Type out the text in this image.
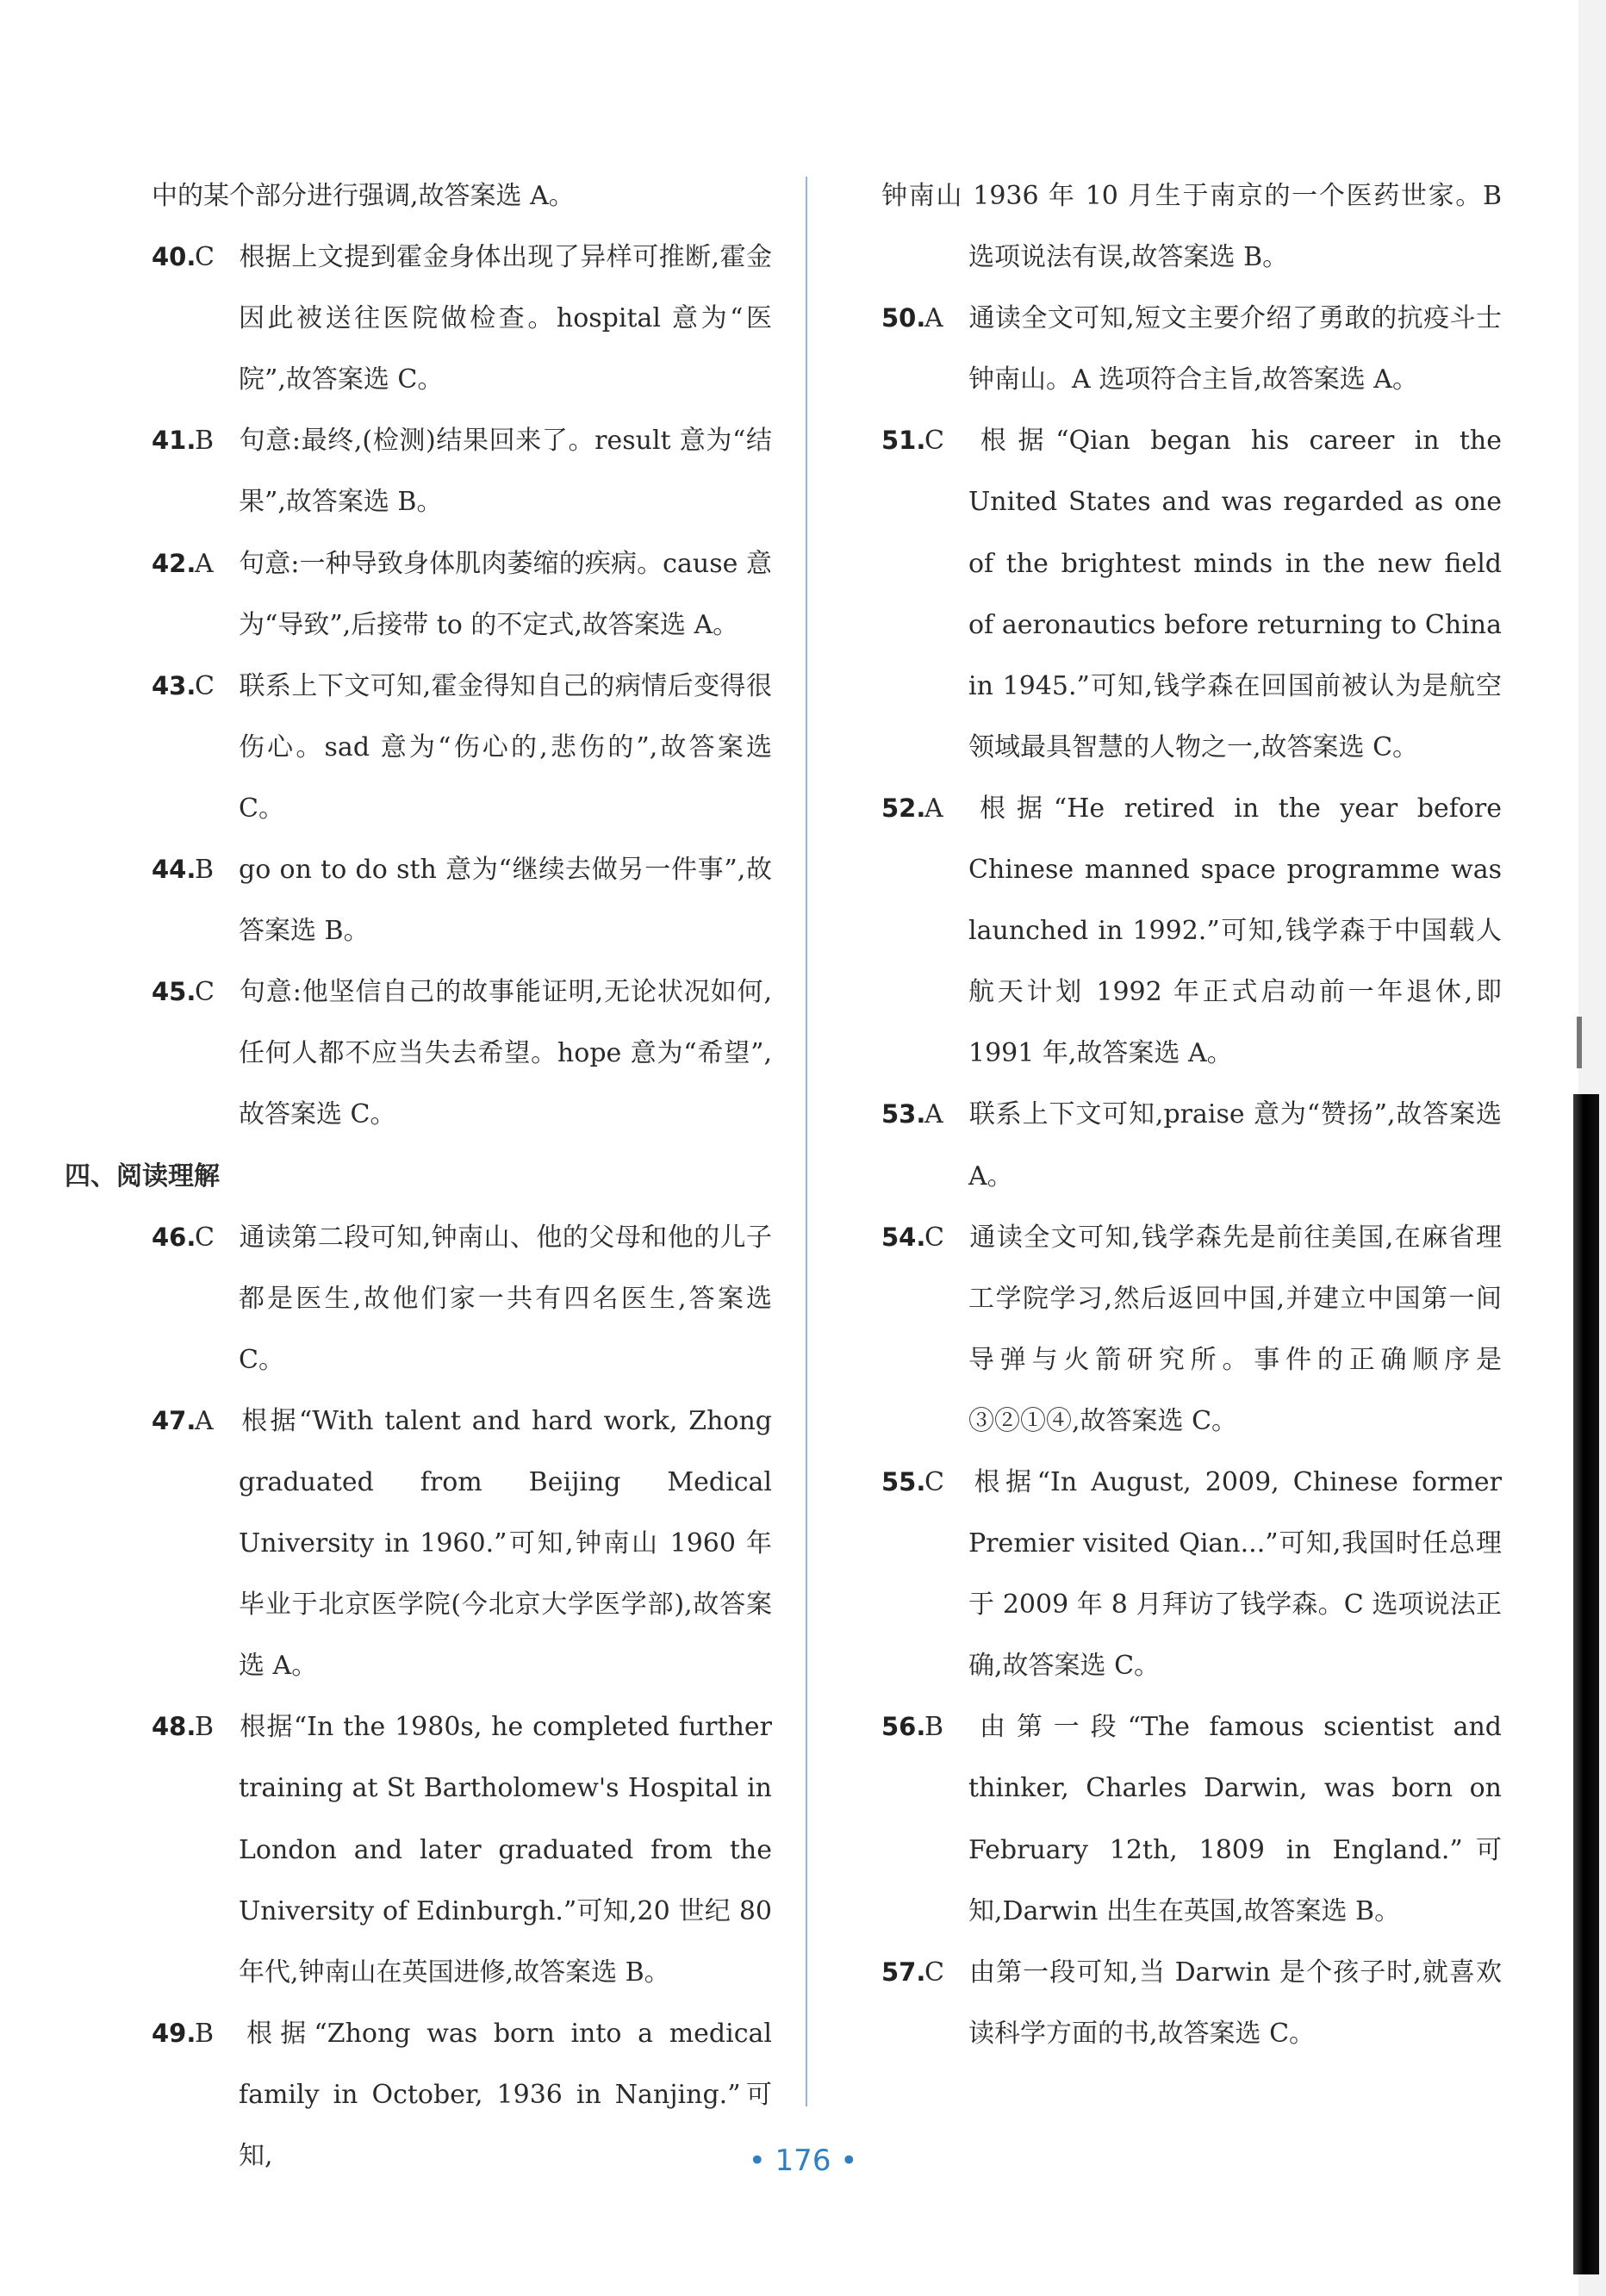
中的某个部分进行强调,故答案选 A。
40.C 根据上文提到霍金身体出现了异样可推断,霍金因此被送往医院做检查。hospital 意为“医院”,故答案选 C。
41.B 句意:最终,(检测)结果回来了。result 意为“结果”,故答案选 B。
42.A 句意:一种导致身体肌肉萎缩的疾病。cause 意为“导致”,后接带 to 的不定式,故答案选 A。
43.C 联系上下文可知,霍金得知自己的病情后变得很伤心。sad 意为“伤心的,悲伤的”,故答案选 C。
44.B go on to do sth 意为“继续去做另一件事”,故答案选 B。
45.C 句意:他坚信自己的故事能证明,无论状况如何,任何人都不应当失去希望。hope 意为“希望”,故答案选 C。
四、阅读理解
46.C 通读第二段可知,钟南山、他的父母和他的儿子都是医生,故他们家一共有四名医生,答案选 C。
47.A 根据“With talent and hard work, Zhong graduated from Beijing Medical University in 1960.”可知,钟南山 1960 年毕业于北京医学院(今北京大学医学部),故答案选 A。
48.B 根据“In the 1980s, he completed further training at St Bartholomew's Hospital in London and later graduated from the University of Edinburgh.”可知,20 世纪 80 年代,钟南山在英国进修,故答案选 B。
49.B 根据“Zhong was born into a medical family in October, 1936 in Nanjing.”可知,
钟南山 1936 年 10 月生于南京的一个医药世家。B 选项说法有误,故答案选 B。
50.A 通读全文可知,短文主要介绍了勇敢的抗疫斗士钟南山。A 选项符合主旨,故答案选 A。
51.C 根据“Qian began his career in the United States and was regarded as one of the brightest minds in the new field of aeronautics before returning to China in 1945.”可知,钱学森在回国前被认为是航空领域最具智慧的人物之一,故答案选 C。
52.A 根据“He retired in the year before Chinese manned space programme was launched in 1992.”可知,钱学森于中国载人航天计划 1992 年正式启动前一年退休,即 1991 年,故答案选 A。
53.A 联系上下文可知,praise 意为“赞扬”,故答案选 A。
54.C 通读全文可知,钱学森先是前往美国,在麻省理工学院学习,然后返回中国,并建立中国第一间导弹与火箭研究所。事件的正确顺序是③②①④,故答案选 C。
55.C 根据“In August, 2009, Chinese former Premier visited Qian...”可知,我国时任总理于 2009 年 8 月拜访了钱学森。C 选项说法正确,故答案选 C。
56.B 由第一段“The famous scientist and thinker, Charles Darwin, was born on February 12th, 1809 in England.”可知,Darwin 出生在英国,故答案选 B。
57.C 由第一段可知,当 Darwin 是个孩子时,就喜欢读科学方面的书,故答案选 C。
• 176 •
